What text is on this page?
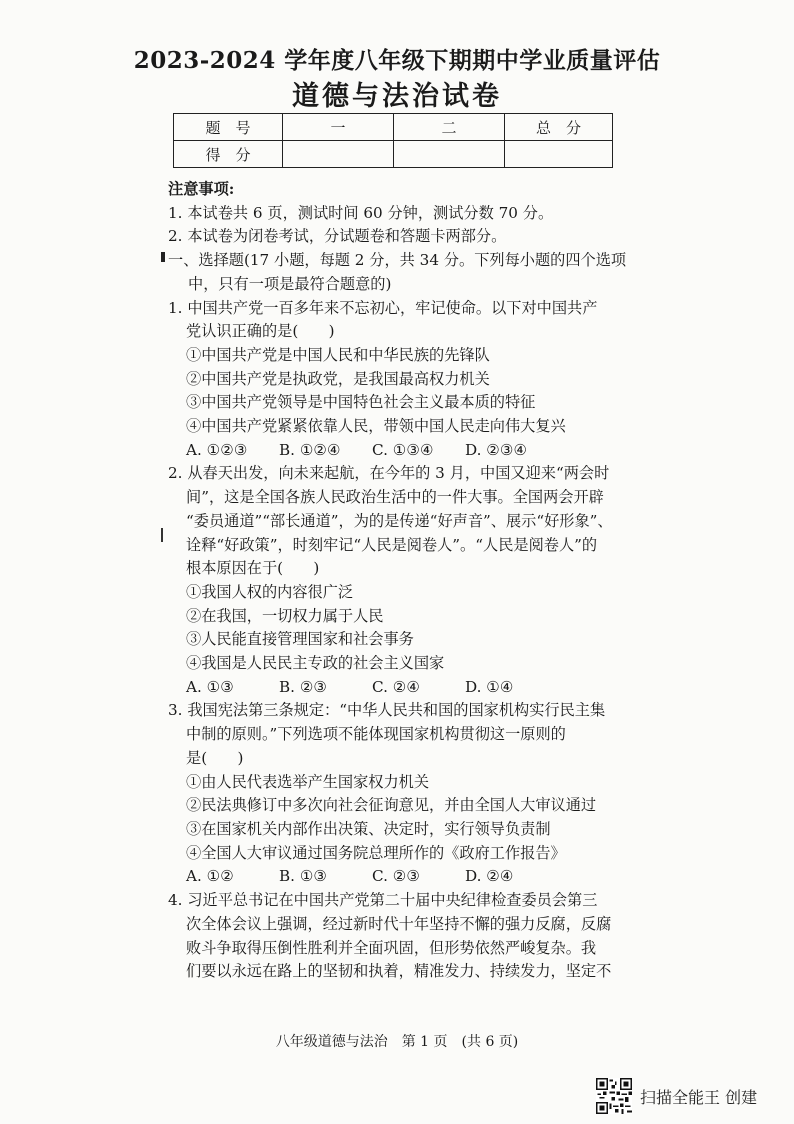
2023-2024 学年度八年级下期期中学业质量评估
道德与法治试卷
题　号	一	二	总　分
得　分			

注意事项:

1. 本试卷共 6 页，测试时间 60 分钟，测试分数 70 分。

2. 本试卷为闭卷考试，分试题卷和答题卡两部分。

一、选择题(17 小题，每题 2 分，共 34 分。下列每小题的四个选项

中，只有一项是最符合题意的)

1. 中国共产党一百多年来不忘初心，牢记使命。以下对中国共产

党认识正确的是(　　)

①中国共产党是中国人民和中华民族的先锋队

②中国共产党是执政党，是我国最高权力机关

③中国共产党领导是中国特色社会主义最本质的特征

④中国共产党紧紧依靠人民，带领中国人民走向伟大复兴

A. ①②③	B. ①②④	C. ①③④	D. ②③④

2. 从春天出发，向未来起航，在今年的 3 月，中国又迎来“两会时

间”，这是全国各族人民政治生活中的一件大事。全国两会开辟

“委员通道”“部长通道”，为的是传递“好声音”、展示“好形象”、

诠释“好政策”，时刻牢记“人民是阅卷人”。“人民是阅卷人”的

根本原因在于(　　)

①我国人权的内容很广泛

②在我国，一切权力属于人民

③人民能直接管理国家和社会事务

④我国是人民民主专政的社会主义国家

A. ①③	B. ②③	C. ②④	D. ①④

3. 我国宪法第三条规定：“中华人民共和国的国家机构实行民主集

中制的原则。”下列选项不能体现国家机构贯彻这一原则的

是(　　)

①由人民代表选举产生国家权力机关

②民法典修订中多次向社会征询意见，并由全国人大审议通过

③在国家机关内部作出决策、决定时，实行领导负责制

④全国人大审议通过国务院总理所作的《政府工作报告》

A. ①②	B. ①③	C. ②③	D. ②④

4. 习近平总书记在中国共产党第二十届中央纪律检查委员会第三

次全体会议上强调，经过新时代十年坚持不懈的强力反腐，反腐

败斗争取得压倒性胜利并全面巩固，但形势依然严峻复杂。我

们要以永远在路上的坚韧和执着，精准发力、持续发力，坚定不

八年级道德与法治　第 1 页　(共 6 页)
扫描全能王 创建
